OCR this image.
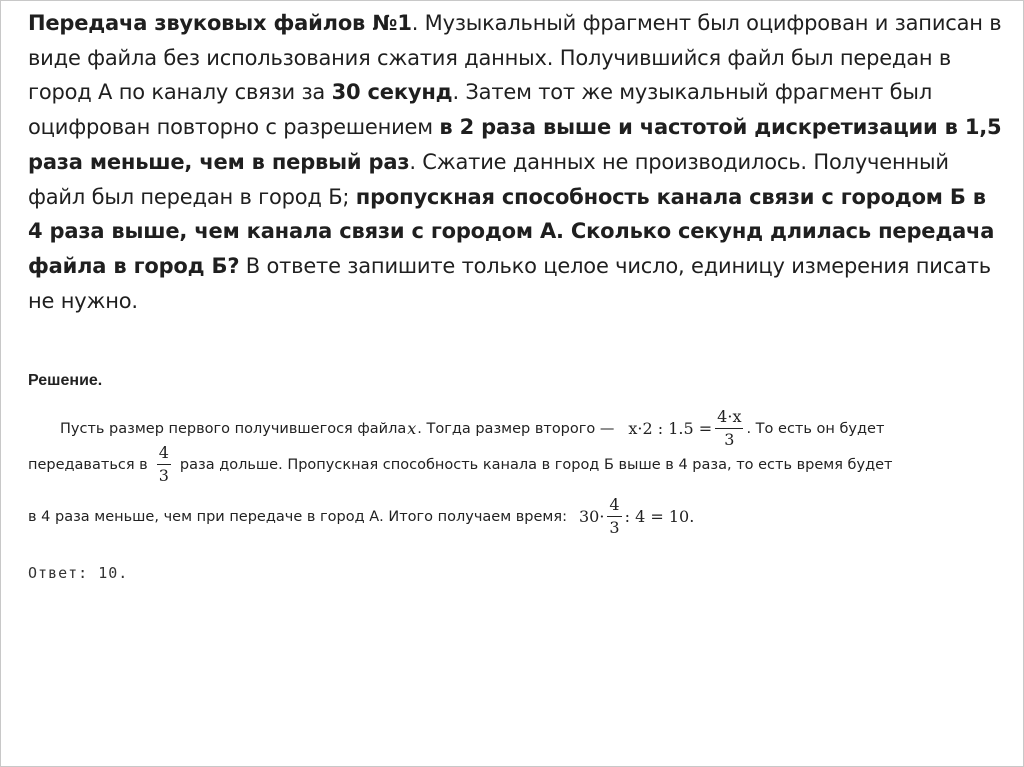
Передача звуковых файлов №1. Музыкальный фрагмент был оцифрован и записан в виде файла без использования сжатия данных. Получившийся файл был передан в город А по каналу связи за 30 секунд. Затем тот же музыкальный фрагмент был оцифрован повторно с разрешением в 2 раза выше и частотой дискретизации в 1,5 раза меньше, чем в первый раз. Сжатие данных не производилось. Полученный файл был передан в город Б; пропускная способность канала связи с городом Б в 4 раза выше, чем канала связи с городом А. Сколько секунд длилась передача файла в город Б? В ответе запишите только целое число, единицу измерения писать не нужно.
Решение.
Пусть размер первого получившегося файла x . Тогда размер второго — x·2 : $1.5 = \frac{4\cdot x}{3}$ . То есть он будет
передаваться в $\frac{4}{3}$ раза дольше. Пропускная способность канала в город Б выше в 4 раза, то есть время будет
в 4 раза меньше, чем при передаче в город А. Итого получаем время: $30\cdot \frac{4}{3}$ : 4 = 10.
Ответ: 10.
